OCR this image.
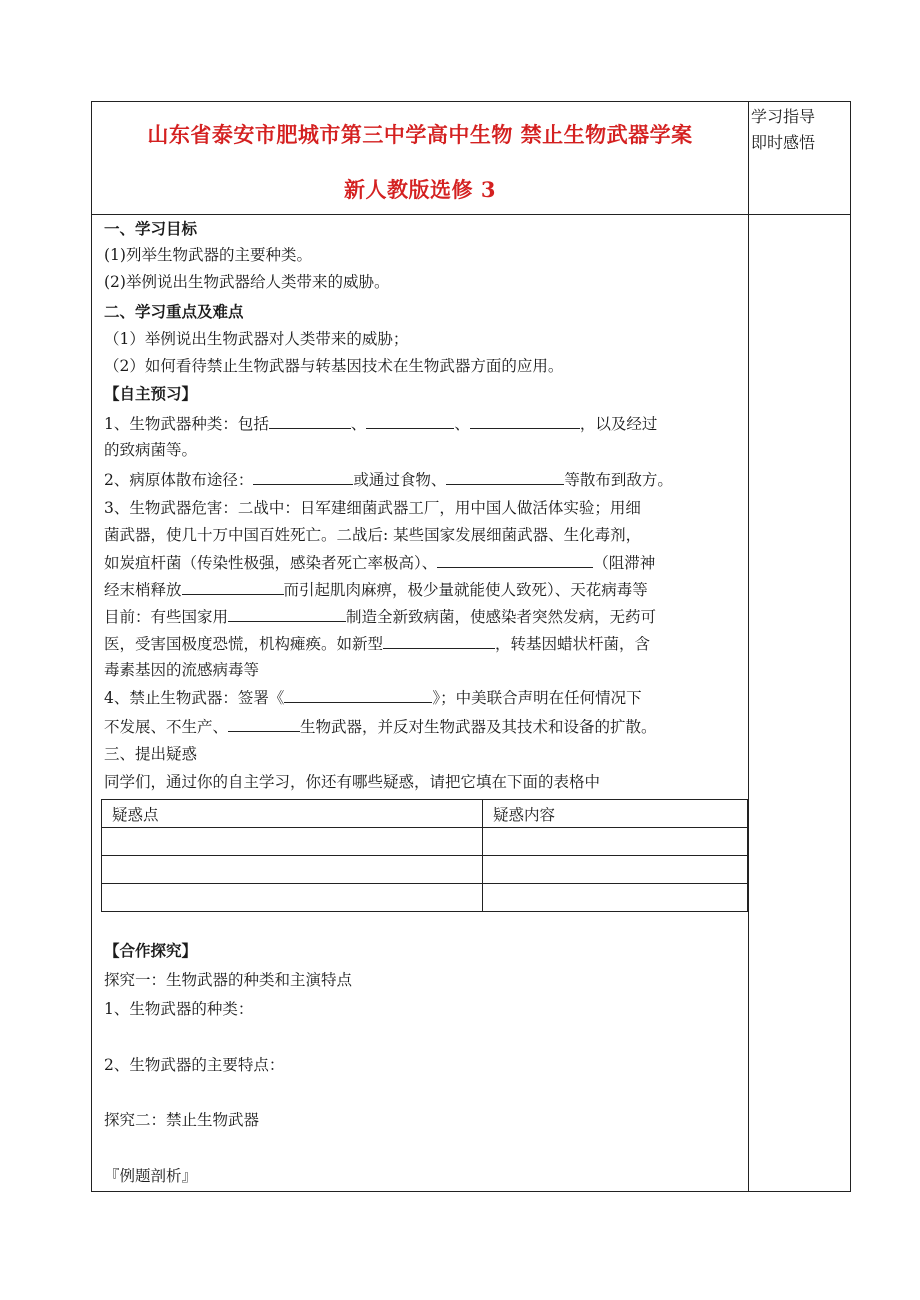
山东省泰安市肥城市第三中学高中生物 禁止生物武器学案
新人教版选修 3
学习指导
即时感悟
一、学习目标
(1)列举生物武器的主要种类。
(2)举例说出生物武器给人类带来的威胁。
二、学习重点及难点
（1）举例说出生物武器对人类带来的威胁；
（2）如何看待禁止生物武器与转基因技术在生物武器方面的应用。
【自主预习】
1、生物武器种类：包括	、	、	，以及经过
的致病菌等。
2、病原体散布途径：	或通过食物、	等散布到敌方。
3、生物武器危害：二战中：日军建细菌武器工厂，用中国人做活体实验；用细
菌武器，使几十万中国百姓死亡。二战后: 某些国家发展细菌武器、生化毒剂，
如炭疽杆菌（传染性极强，感染者死亡率极高）、	（阻滞神
经末梢释放	而引起肌肉麻痹，极少量就能使人致死）、天花病毒等
目前：有些国家用	制造全新致病菌，使感染者突然发病，无药可
医，受害国极度恐慌，机构瘫痪。如新型	，转基因蜡状杆菌，含
毒素基因的流感病毒等
4、禁止生物武器：签署《	》；中美联合声明在任何情况下
不发展、不生产、	生物武器，并反对生物武器及其技术和设备的扩散。
三、提出疑惑
同学们，通过你的自主学习，你还有哪些疑惑，请把它填在下面的表格中
【合作探究】
探究一：生物武器的种类和主演特点
1、生物武器的种类：
2、生物武器的主要特点：
探究二：禁止生物武器
『例题剖析』
疑惑点	疑惑内容
